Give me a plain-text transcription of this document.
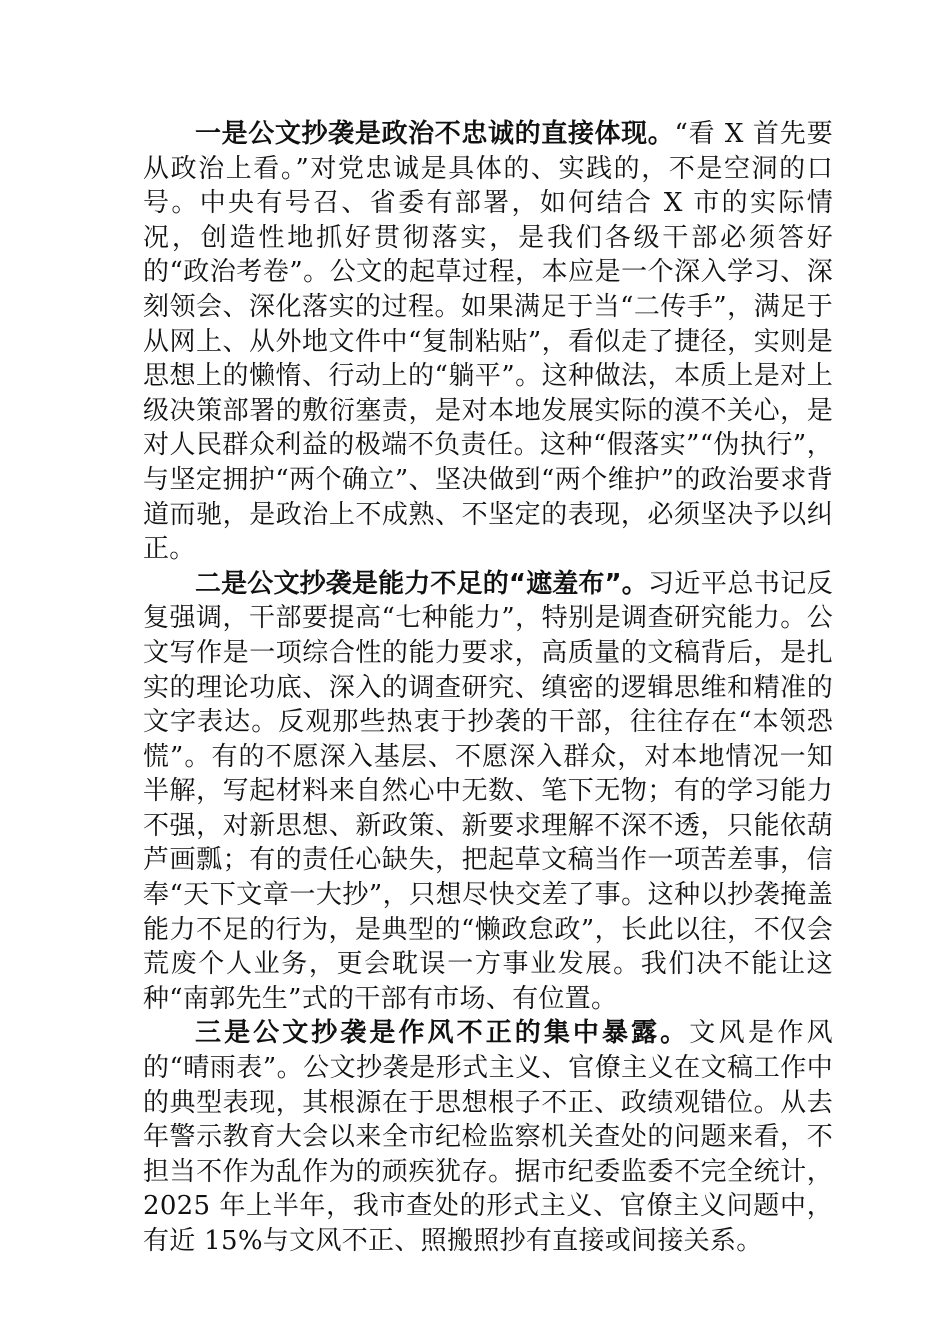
一是公文抄袭是政治不忠诚的直接体现。“看 X 首先要从政治上看。”对党忠诚是具体的、实践的，不是空洞的口号。中央有号召、省委有部署，如何结合 X 市的实际情况，创造性地抓好贯彻落实，是我们各级干部必须答好的“政治考卷”。公文的起草过程，本应是一个深入学习、深刻领会、深化落实的过程。如果满足于当“二传手”，满足于从网上、从外地文件中“复制粘贴”，看似走了捷径，实则是思想上的懒惰、行动上的“躺平”。这种做法，本质上是对上级决策部署的敷衍塞责，是对本地发展实际的漠不关心，是对人民群众利益的极端不负责任。这种“假落实”“伪执行”，与坚定拥护“两个确立”、坚决做到“两个维护”的政治要求背道而驰，是政治上不成熟、不坚定的表现，必须坚决予以纠正。

二是公文抄袭是能力不足的“遮羞布”。习近平总书记反复强调，干部要提高“七种能力”，特别是调查研究能力。公文写作是一项综合性的能力要求，高质量的文稿背后，是扎实的理论功底、深入的调查研究、缜密的逻辑思维和精准的文字表达。反观那些热衷于抄袭的干部，往往存在“本领恐慌”。有的不愿深入基层、不愿深入群众，对本地情况一知半解，写起材料来自然心中无数、笔下无物；有的学习能力不强，对新思想、新政策、新要求理解不深不透，只能依葫芦画瓢；有的责任心缺失，把起草文稿当作一项苦差事，信奉“天下文章一大抄”，只想尽快交差了事。这种以抄袭掩盖能力不足的行为，是典型的“懒政怠政”，长此以往，不仅会荒废个人业务，更会耽误一方事业发展。我们决不能让这种“南郭先生”式的干部有市场、有位置。

三是公文抄袭是作风不正的集中暴露。文风是作风的“晴雨表”。公文抄袭是形式主义、官僚主义在文稿工作中的典型表现，其根源在于思想根子不正、政绩观错位。从去年警示教育大会以来全市纪检监察机关查处的问题来看，不担当不作为乱作为的顽疾犹存。据市纪委监委不完全统计，2025 年上半年，我市查处的形式主义、官僚主义问题中，有近 15%与文风不正、照搬照抄有直接或间接关系。
